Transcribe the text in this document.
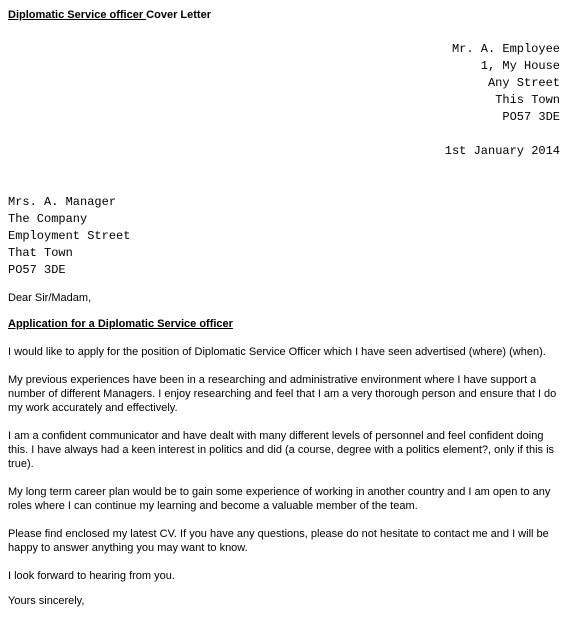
Diplomatic Service officer Cover Letter

Mr. A. Employee
1, My House
Any Street
This Town
PO57 3DE
1st January 2014
Mrs. A. Manager
The Company
Employment Street
That Town
PO57 3DE
Dear Sir/Madam,
Application for a Diplomatic Service officer
I would like to apply for the position of Diplomatic Service Officer which I have seen advertised (where) (when).
My previous experiences have been in a researching and administrative environment where I have support a number of different Managers. I enjoy researching and feel that I am a very thorough person and ensure that I do my work accurately and effectively.
I am a confident communicator and have dealt with many different levels of personnel and feel confident doing this. I have always had a keen interest in politics and did (a course, degree with a politics element?, only if this is true).
My long term career plan would be to gain some experience of working in another country and I am open to any roles where I can continue my learning and become a valuable member of the team.
Please find enclosed my latest CV. If you have any questions, please do not hesitate to contact me and I will be happy to answer anything you may want to know.
I look forward to hearing from you.
Yours sincerely,
